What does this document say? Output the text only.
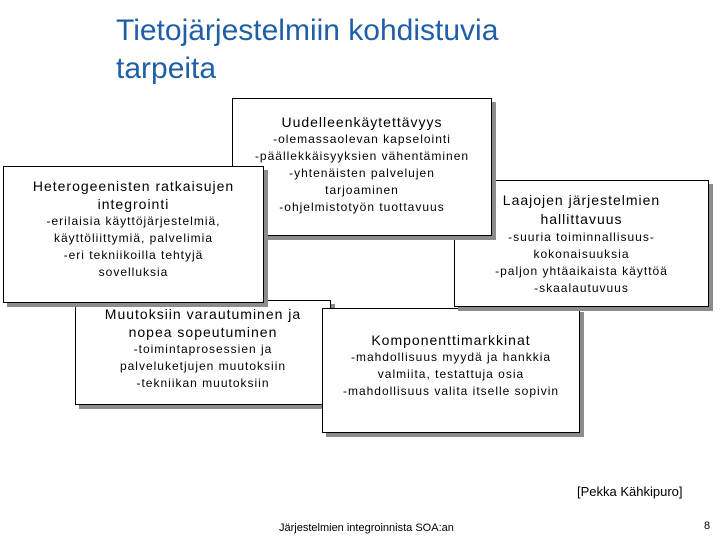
Tietojärjestelmiin kohdistuvia
tarpeita
Muutoksiin varautuminen ja
nopea sopeutuminen
-toimintaprosessien ja
palveluketjujen muutoksiin
-tekniikan muutoksiin
Komponenttimarkkinat
-mahdollisuus myydä ja hankkia
valmiita, testattuja osia
-mahdollisuus valita itselle sopivin
Laajojen järjestelmien
hallittavuus
-suuria toiminnallisuus-
kokonaisuuksia
-paljon yhtäaikaista käyttöä
-skaalautuvuus
Uudelleenkäytettävyys
-olemassaolevan kapselointi
-päällekkäisyyksien vähentäminen
-yhtenäisten palvelujen
tarjoaminen
-ohjelmistotyön tuottavuus
Heterogeenisten ratkaisujen
integrointi
-erilaisia käyttöjärjestelmiä,
käyttöliittymiä, palvelimia
-eri tekniikoilla tehtyjä
sovelluksia
[Pekka Kähkipuro]
Järjestelmien integroinnista SOA:an	8
